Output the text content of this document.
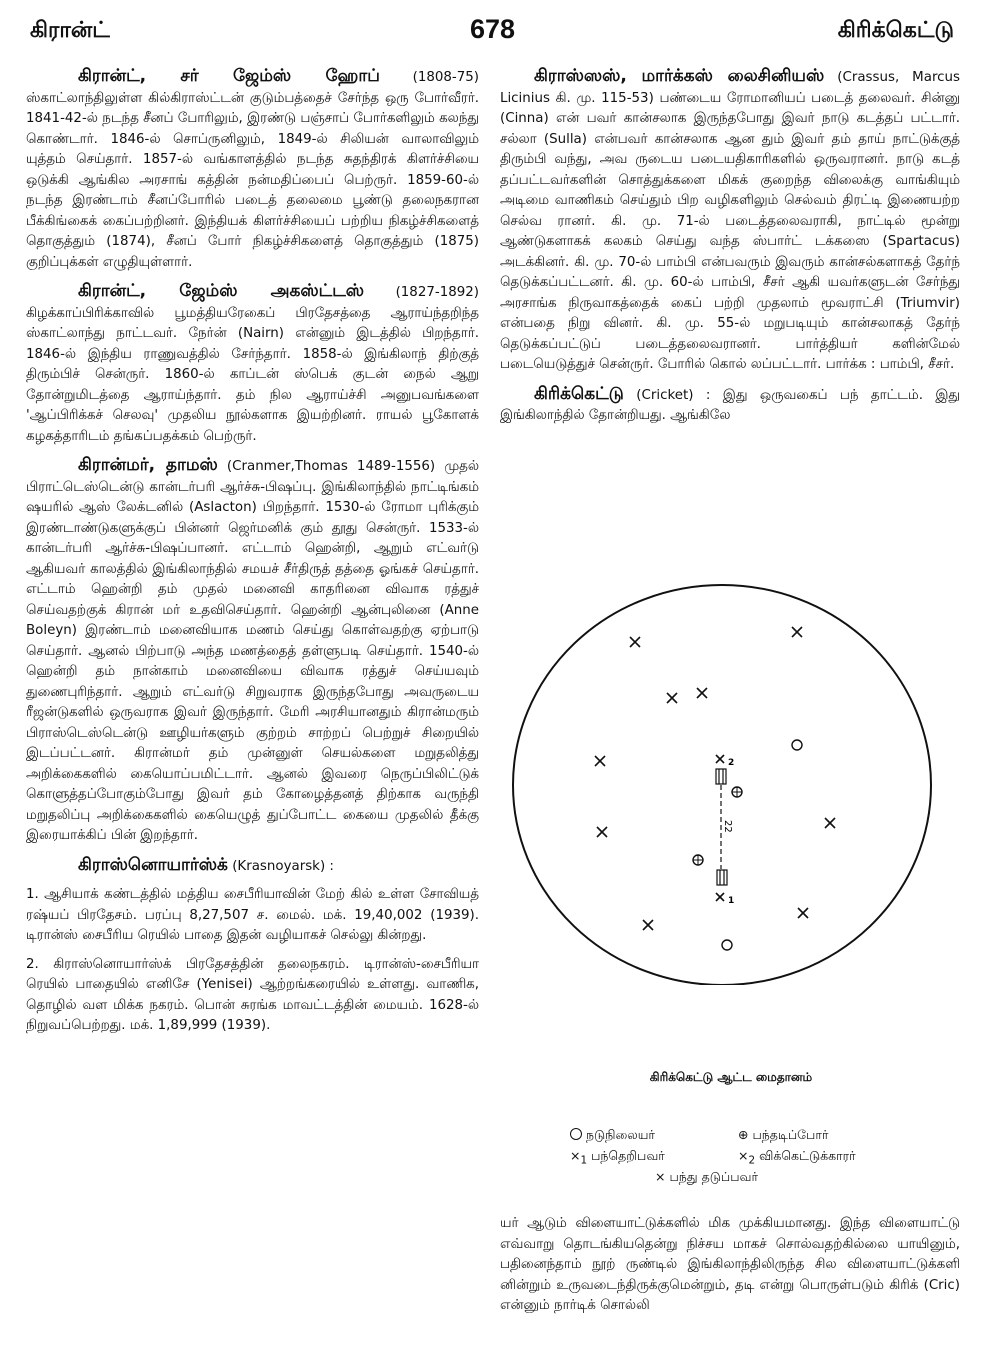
கிரான்ட்	678	கிரிக்கெட்டு
கிரான்ட், சர் ஜேம்ஸ் ஹோப் (1808-75) ஸ்காட்லாந்திலுள்ள கில்கிராஸ்ட்டன் குடும்பத்தைச் சேர்ந்த ஒரு போர்வீரர். 1841-42-ல் நடந்த சீனப் போரிலும், இரண்டு பஞ்சாப் போர்களிலும் கலந்து கொண்டார். 1846-ல் சொப்ருனிலும், 1849-ல் சிலியன் வாலாவிலும் யுத்தம் செய்தார். 1857-ல் வங்காளத்தில் நடந்த சுதந்திரக் கிளர்ச்சியை ஒடுக்கி ஆங்கில அரசாங் கத்தின் நன்மதிப்பைப் பெற்ருர். 1859-60-ல் நடந்த இரண்டாம் சீனப்போரில் படைத் தலைமை பூண்டு தலைநகரான பீக்கிங்கைக் கைப்பற்றினர். இந்தியக் கிளர்ச்சியைப் பற்றிய நிகழ்ச்சிகளைத் தொகுத்தும் (1874), சீனப் போர் நிகழ்ச்சிகளைத் தொகுத்தும் (1875) குறிப்புக்கள் எழுதியுள்ளார்.
கிரான்ட், ஜேம்ஸ் அகஸ்ட்டஸ் (1827-1892) கிழக்காப்பிரிக்காவில் பூமத்தியரேகைப் பிரதேசத்தை ஆராய்ந்தறிந்த ஸ்காட்லாந்து நாட்டவர். நேர்ன் (Nairn) என்னும் இடத்தில் பிறந்தார். 1846-ல் இந்திய ராணுவத்தில் சேர்ந்தார். 1858-ல் இங்கிலாந் திற்குத் திரும்பிச் சென்ருர். 1860-ல் காப்டன் ஸ்பெக் குடன் நைல் ஆறு தோன்றுமிடத்தை ஆராய்ந்தார். தம் நில ஆராய்ச்சி அனுபவங்களை 'ஆப்பிரிக்கச் செலவு' முதலிய நூல்களாக இயற்றினர். ராயல் பூகோளக் கழகத்தாரிடம் தங்கப்பதக்கம் பெற்ருர்.
கிரான்மர், தாமஸ் (Cranmer,Thomas 1489-1556) முதல் பிராட்டெஸ்டென்டு கான்டர்பரி ஆர்ச்சு-பிஷப்பு. இங்கிலாந்தில் நாட்டிங்கம் ஷயரில் ஆஸ் லேக்டனில் (Aslacton) பிறந்தார். 1530-ல் ரோமா புரிக்கும் இரண்டாண்டுகளுக்குப் பின்னர் ஜெர்மனிக் கும் தூது சென்ருர். 1533-ல் கான்டர்பரி ஆர்ச்சு-பிஷப்பானர். எட்டாம் ஹென்றி, ஆறும் எட்வர்டு ஆகியவர் காலத்தில் இங்கிலாந்தில் சமயச் சீர்திருத் தத்தை ஓங்கச் செய்தார். எட்டாம் ஹென்றி தம் முதல் மனைவி காதரினை விவாக ரத்துச் செய்வதற்குக் கிரான் மர் உதவிசெய்தார். ஹென்றி ஆன்புலினை (Anne Boleyn) இரண்டாம் மனைவியாக மணம் செய்து கொள்வதற்கு ஏற்பாடு செய்தார். ஆனல் பிற்பாடு அந்த மணத்தைத் தள்ளுபடி செய்தார். 1540-ல் ஹென்றி தம் நான்காம் மனைவியை விவாக ரத்துச் செய்யவும் துணைபுரிந்தார். ஆறும் எட்வர்டு சிறுவராக இருந்தபோது அவருடைய ரீஜன்டுகளில் ஒருவராக இவர் இருந்தார். மேரி அரசியானதும் கிரான்மரும் பிராஸ்டெஸ்டென்டு ஊழியர்களும் குற்றம் சாற்றப் பெற்றுச் சிறையில் இடப்பட்டனர். கிரான்மர் தம் முன்னுள் செயல்களை மறுதலித்து அறிக்கைகளில் கையொப்பமிட்டார். ஆனல் இவரை நெருப்பிலிட்டுக் கொளுத்தப்போகும்போது இவர் தம் கோழைத்தனத் திற்காக வருந்தி மறுதலிப்பு அறிக்கைகளில் கையெழுத் துப்போட்ட கையை முதலில் தீக்கு இரையாக்கிப் பின் இறந்தார்.
கிராஸ்னொயார்ஸ்க் (Krasnoyarsk) :
1. ஆசியாக் கண்டத்தில் மத்திய சைபீரியாவின் மேற் கில் உள்ள சோவியத் ரஷ்யப் பிரதேசம். பரப்பு 8,27,507 ச. மைல். மக். 19,40,002 (1939). டிரான்ஸ் சைபீரிய ரெயில் பாதை இதன் வழியாகச் செல்லு கின்றது.
2. கிராஸ்னொயார்ஸ்க் பிரதேசத்தின் தலைநகரம். டிரான்ஸ்-சைபீரியா ரெயில் பாதையில் எனிசே (Yenisei) ஆற்றங்கரையில் உள்ளது. வாணிக, தொழில் வள மிக்க நகரம். பொன் சுரங்க மாவட்டத்தின் மையம். 1628-ல் நிறுவப்பெற்றது. மக். 1,89,999 (1939).
கிராஸ்ஸஸ், மார்க்கஸ் லைசினியஸ் (Crassus, Marcus Licinius கி. மு. 115-53) பண்டைய ரோமானியப் படைத் தலைவர். சின்னு (Cinna) என் பவர் கான்சலாக இருந்தபோது இவர் நாடு கடத்தப் பட்டார். சல்லா (Sulla) என்பவர் கான்சலாக ஆன தும் இவர் தம் தாய் நாட்டுக்குத் திரும்பி வந்து, அவ ருடைய படையதிகாரிகளில் ஒருவரானர். நாடு கடத் தப்பட்டவர்களின் சொத்துக்களை மிகக் குறைந்த விலைக்கு வாங்கியும் அடிமை வாணிகம் செய்தும் பிற வழிகளிலும் செல்வம் திரட்டி இணையற்ற செல்வ ரானர். கி. மு. 71-ல் படைத்தலைவராகி, நாட்டில் மூன்று ஆண்டுகளாகக் கலகம் செய்து வந்த ஸ்பார்ட் டக்கஸை (Spartacus) அடக்கினர். கி. மு. 70-ல் பாம்பி என்பவரும் இவரும் கான்சல்களாகத் தேர்ந் தெடுக்கப்பட்டனர். கி. மு. 60-ல் பாம்பி, சீசர் ஆகி யவர்களுடன் சேர்ந்து அரசாங்க நிருவாகத்தைக் கைப் பற்றி முதலாம் மூவராட்சி (Triumvir) என்பதை நிறு வினர். கி. மு. 55-ல் மறுபடியும் கான்சலாகத் தேர்ந் தெடுக்கப்பட்டுப் படைத்தலைவரானர். பார்த்தியர் களின்மேல் படையெடுத்துச் சென்ருர். போரில் கொல் லப்பட்டார். பார்க்க : பாம்பி, சீசர்.
கிரிக்கெட்டு (Cricket) : இது ஒருவகைப் பந் தாட்டம். இது இங்கிலாந்தில் தோன்றியது. ஆங்கிலே
2
22
1
கிரிக்கெட்டு ஆட்ட மைதானம்
நடுநிலையர்	⊕ பந்தடிப்போர்
$\times_1$ பந்தெறிபவர்	$\times_2$ விக்கெட்டுக்காரர்
× பந்து தடுப்பவர்
யர் ஆடும் விளையாட்டுக்களில் மிக முக்கியமானது. இந்த விளையாட்டு எவ்வாறு தொடங்கியதென்று நிச்சய மாகச் சொல்வதற்கில்லை யாயினும், பதினைந்தாம் நூற் ருண்டில் இங்கிலாந்திலிருந்த சில விளையாட்டுக்களி னின்றும் உருவடைந்திருக்குமென்றும், தடி என்று பொருள்படும் கிரிக் (Cric) என்னும் நார்டிக் சொல்லி
